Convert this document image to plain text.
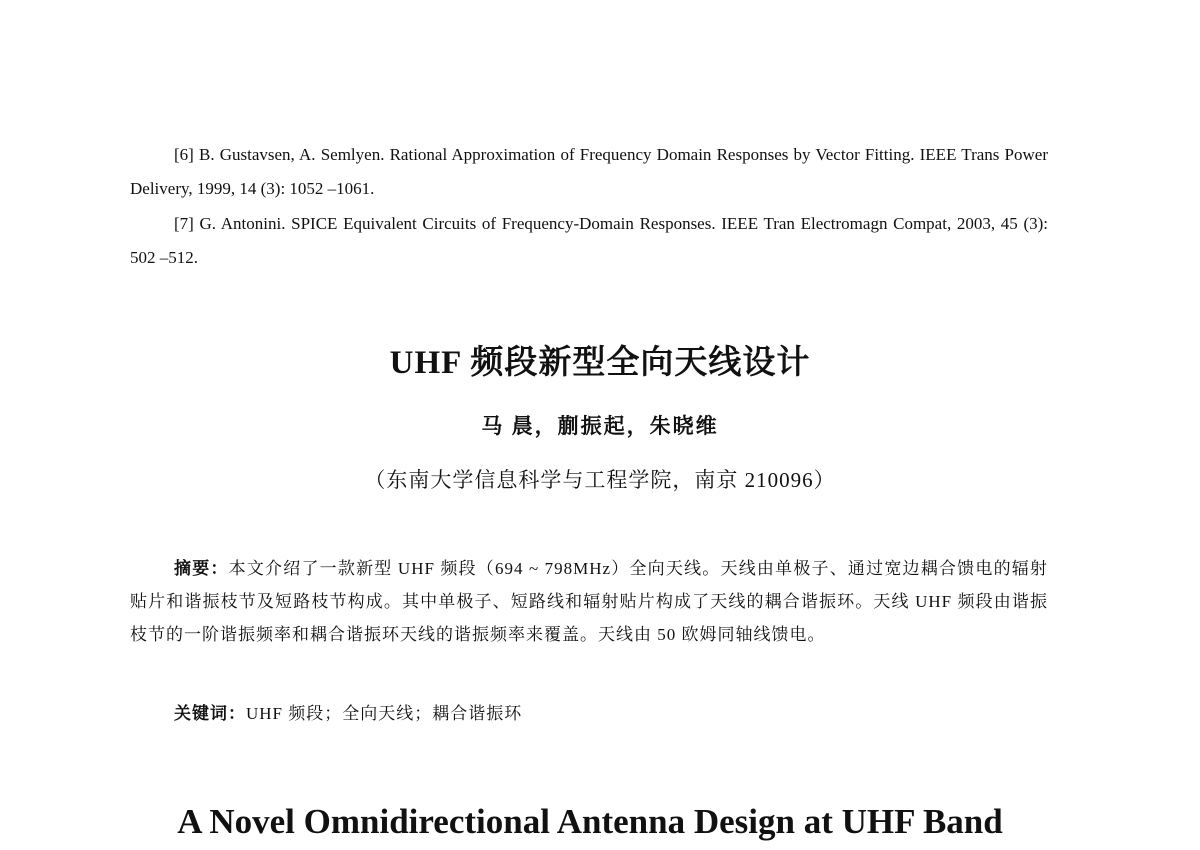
[6] B. Gustavsen, A. Semlyen. Rational Approximation of Frequency Domain Responses by Vector Fitting. IEEE Trans Power Delivery, 1999, 14 (3): 1052 –1061.
[7] G. Antonini. SPICE Equivalent Circuits of Frequency-Domain Responses. IEEE Tran Electromagn Compat, 2003, 45 (3): 502 –512.
UHF 频段新型全向天线设计
马 晨，蒯振起，朱晓维
（东南大学信息科学与工程学院，南京 210096）
摘要：本文介绍了一款新型 UHF 频段（694 ~ 798MHz）全向天线。天线由单极子、通过宽边耦合馈电的辐射贴片和谐振枝节及短路枝节构成。其中单极子、短路线和辐射贴片构成了天线的耦合谐振环。天线 UHF 频段由谐振枝节的一阶谐振频率和耦合谐振环天线的谐振频率来覆盖。天线由 50 欧姆同轴线馈电。
关键词：UHF 频段；全向天线；耦合谐振环
A Novel Omnidirectional Antenna Design at UHF Band
